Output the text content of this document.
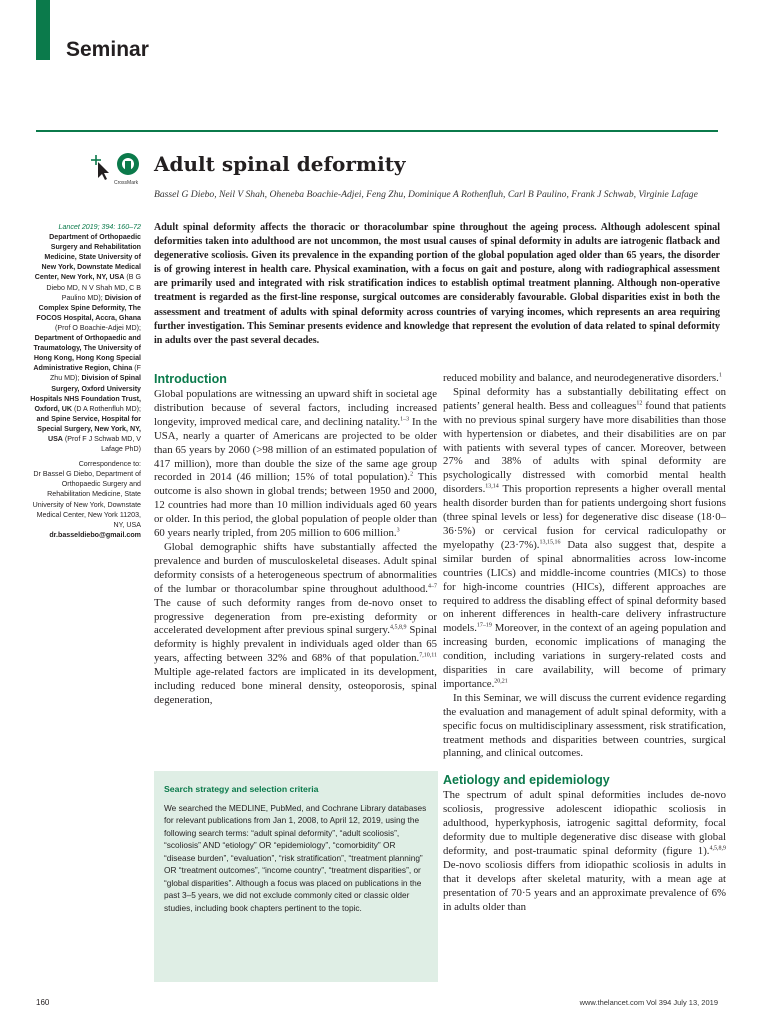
Seminar
CrossMark
Adult spinal deformity
Bassel G Diebo, Neil V Shah, Oheneba Boachie-Adjei, Feng Zhu, Dominique A Rothenfluh, Carl B Paulino, Frank J Schwab, Virginie Lafage

Lancet 2019; 394: 160–72

Department of Orthopaedic Surgery and Rehabilitation Medicine, State University of New York, Downstate Medical Center, New York, NY, USA (B G Diebo MD, N V Shah MD, C B Paulino MD); Division of Complex Spine Deformity, The FOCOS Hospital, Accra, Ghana (Prof O Boachie-Adjei MD); Department of Orthopaedic and Traumatology, The University of Hong Kong, Hong Kong Special Administrative Region, China (F Zhu MD); Division of Spinal Surgery, Oxford University Hospitals NHS Foundation Trust, Oxford, UK (D A Rothenfluh MD); and Spine Service, Hospital for Special Surgery, New York, NY, USA (Prof F J Schwab MD, V Lafage PhD)

Correspondence to:

Dr Bassel G Diebo, Department of Orthopaedic Surgery and Rehabilitation Medicine, State University of New York, Downstate Medical Center, New York 11203, NY, USA

dr.basseldiebo@gmail.com

Adult spinal deformity affects the thoracic or thoracolumbar spine throughout the ageing process. Although adolescent spinal deformities taken into adulthood are not uncommon, the most usual causes of spinal deformity in adults are iatrogenic flatback and degenerative scoliosis. Given its prevalence in the expanding portion of the global population aged older than 65 years, the disorder is of growing interest in health care. Physical examination, with a focus on gait and posture, along with radiographical assessment are primarily used and integrated with risk stratification indices to establish optimal treatment planning. Although non-operative treatment is regarded as the first-line response, surgical outcomes are considerably favourable. Global disparities exist in both the assessment and treatment of adults with spinal deformity across countries of varying incomes, which represents an area requiring further investigation. This Seminar presents evidence and knowledge that represent the evolution of data related to spinal deformity in adults over the past several decades.

Introduction

Global populations are witnessing an upward shift in societal age distribution because of several factors, including increased longevity, improved medical care, and declining natality.$^{1-3}$ In the USA, nearly a quarter of Americans are projected to be older than 65 years by 2060 (>98 million of an estimated population of 417 million), more than double the size of the same age group recorded in 2014 (46 million; 15% of total population).$^2$ This outcome is also shown in global trends; between 1950 and 2000, 12 countries had more than 10 million individuals aged 60 years or older. In this period, the global population of people older than 60 years nearly tripled, from 205 million to 606 million.$^3$

Global demographic shifts have substantially affected the prevalence and burden of musculoskeletal diseases. Adult spinal deformity consists of a heterogeneous spectrum of abnormalities of the lumbar or thoracolumbar spine throughout adulthood.$^{4-7}$ The cause of such deformity ranges from de-novo onset to progressive degeneration from pre-existing deformity or accelerated development after previous spinal surgery.$^{4,5,8,9}$ Spinal deformity is highly prevalent in individuals aged older than 65 years, affecting between 32% and 68% of that population.$^{7,10,11}$ Multiple age-related factors are implicated in its development, including reduced bone mineral density, osteoporosis, spinal degeneration,

Search strategy and selection criteria

We searched the MEDLINE, PubMed, and Cochrane Library databases for relevant publications from Jan 1, 2008, to April 12, 2019, using the following search terms: “adult spinal deformity”, “adult scoliosis”, “scoliosis” AND “etiology” OR “epidemiology”, “comorbidity” OR “disease burden”, “evaluation”, “risk stratification”, “treatment planning” OR “treatment outcomes”, “income country”, “treatment disparities”, or “global disparities”. Although a focus was placed on publications in the past 3–5 years, we did not exclude commonly cited or classic older studies, including book chapters pertinent to the topic.

reduced mobility and balance, and neurodegenerative disorders.$^1$

Spinal deformity has a substantially debilitating effect on patients’ general health. Bess and colleagues$^{12}$ found that patients with no previous spinal surgery have more disabilities than those with hypertension or diabetes, and their disabilities are on par with patients with several types of cancer. Moreover, between 27% and 38% of adults with spinal deformity are psychologically distressed with comorbid mental health disorders.$^{13,14}$ This proportion represents a higher overall mental health disorder burden than for patients undergoing short fusions (three spinal levels or less) for degenerative disc disease (18·0–36·5%) or cervical fusion for cervical radiculopathy or myelopathy (23·7%).$^{13,15,16}$ Data also suggest that, despite a similar burden of spinal abnormalities across low-income countries (LICs) and middle-income countries (MICs) to those for high-income countries (HICs), different approaches are required to address the disabling effect of spinal deformity based on inherent differences in health-care delivery infrastructure models.$^{17-19}$ Moreover, in the context of an ageing population and increasing burden, economic implications of managing the condition, including variations in surgery-related costs and disparities in care availability, will become of primary importance.$^{20,21}$

In this Seminar, we will discuss the current evidence regarding the evaluation and management of adult spinal deformity, with a specific focus on multidisciplinary assessment, risk stratification, treatment methods and disparities between countries, surgical planning, and clinical outcomes.

Aetiology and epidemiology

The spectrum of adult spinal deformities includes de-novo scoliosis, progressive adolescent idiopathic scoliosis in adulthood, hyperkyphosis, iatrogenic sagittal deformity, focal deformity due to multiple degenerative disc disease with global deformity, and post-traumatic spinal deformity (figure 1).$^{4,5,8,9}$ De-novo scoliosis differs from idiopathic scoliosis in adults in that it develops after skeletal maturity, with a mean age at presentation of 70·5 years and an approximate prevalence of 6% in adults older than

160	www.thelancet.com Vol 394 July 13, 2019
